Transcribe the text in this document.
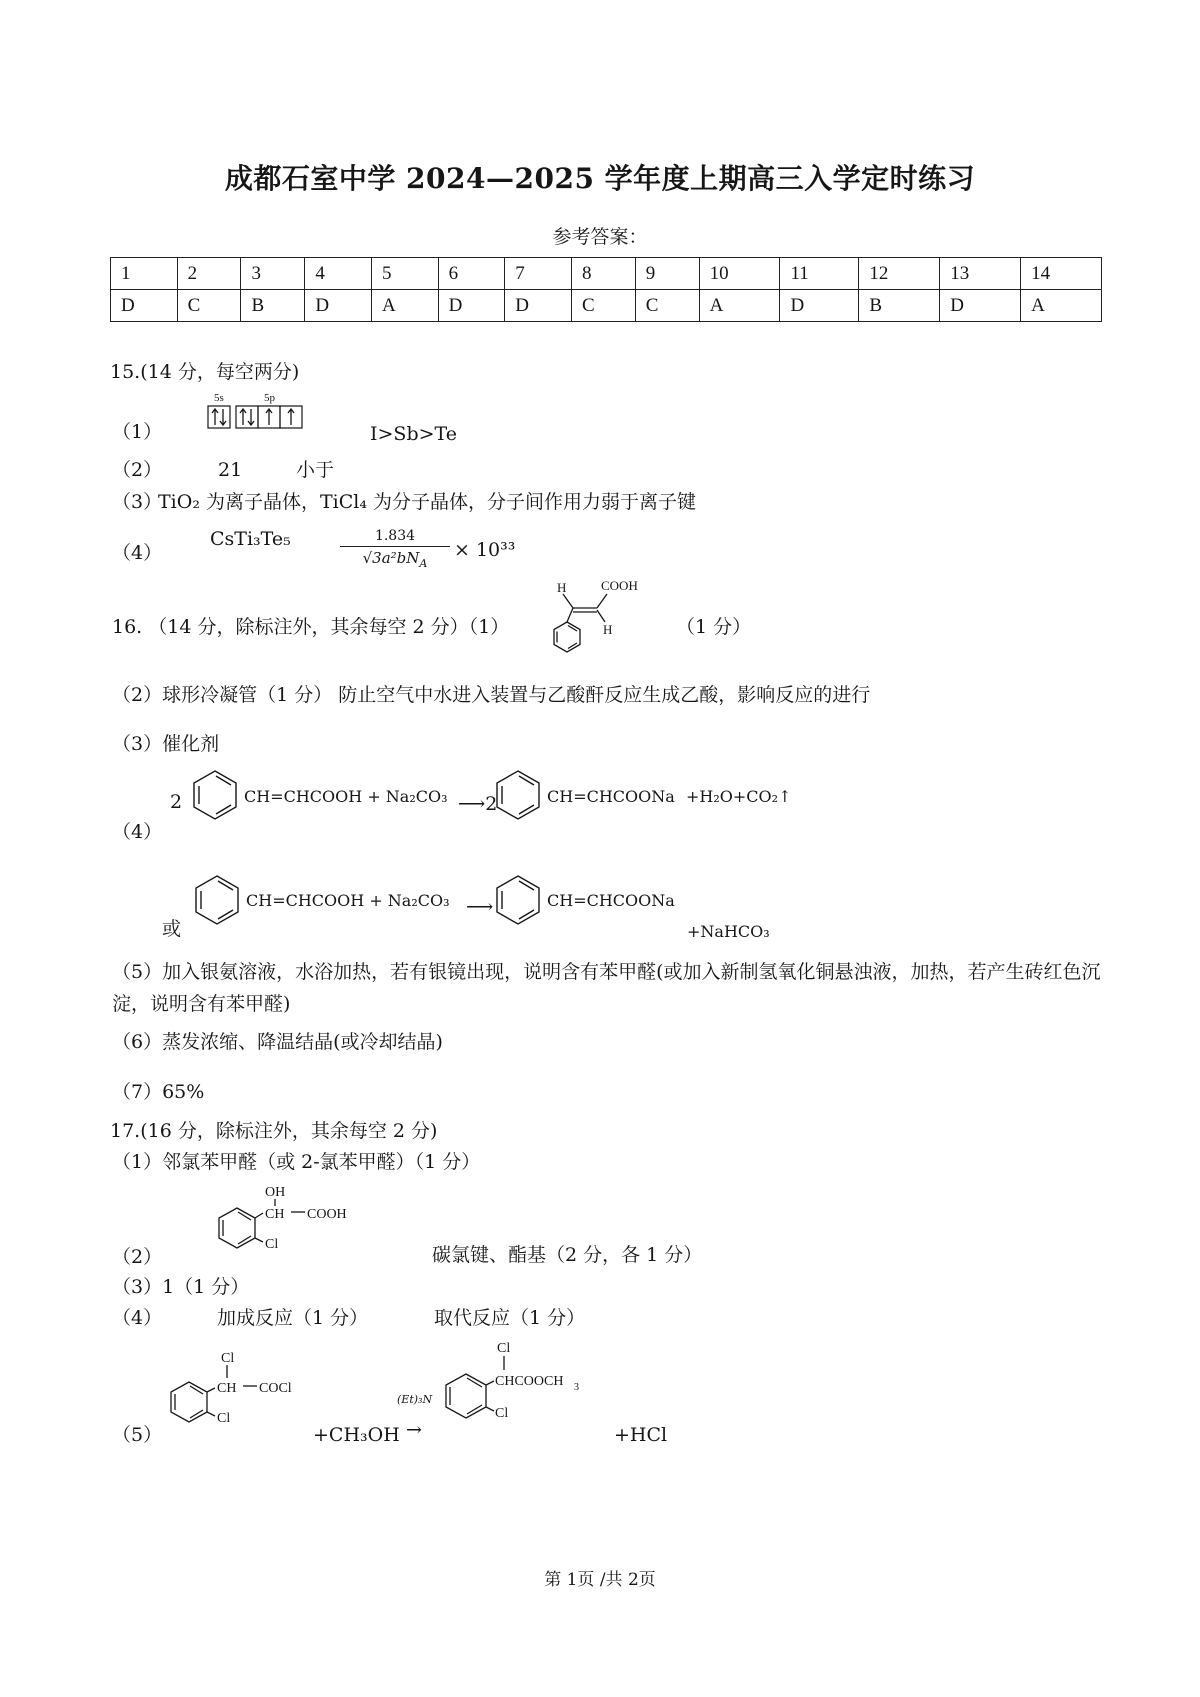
成都石室中学 2024—2025 学年度上期高三入学定时练习
参考答案：
1	2	3	4	5	6	7	8	9	10	11	12	13	14
D	C	B	D	A	D	D	C	C	A	D	B	D	A
15.(14 分，每空两分)
（1）
5s	5p
I>Sb>Te
（2）	21	小于
（3）
TiO₂ 为离子晶体，TiCl₄ 为分子晶体，分子间作用力弱于离子键
（4）
CsTi₃Te₅	1.834
$√3a^2bN_A$
× 10³³
16. （14 分，除标注外，其余每空 2 分）（1）
H	COOH
H	（1 分）
（2）球形冷凝管（1 分） 防止空气中水进入装置与乙酸酐反应生成乙酸，影响反应的进行
（3）催化剂
（4）
2	CH=CHCOOH + Na₂CO₃ ⟶2	CH=CHCOONa +H₂O+CO₂↑
或
CH=CHCOOH + Na₂CO₃ ⟶	CH=CHCOONa
+NaHCO₃
（5）加入银氨溶液，水浴加热，若有银镜出现，说明含有苯甲醛(或加入新制氢氧化铜悬浊液，加热，若产生砖红色沉淀，说明含有苯甲醛)
（6）蒸发浓缩、降温结晶(或冷却结晶)
（7）65%
17.(16 分，除标注外，其余每空 2 分)
（1）邻氯苯甲醛（或 2-氯苯甲醛）（1 分）
OH
CH COOH
Cl
（2）	碳氯键、酯基（2 分，各 1 分）
（3）1（1 分）
（4）	加成反应（1 分）	取代反应（1 分）
（5）
Cl
CH COCl
Cl
+CH₃OH
(Et)₃N
→
Cl
CHCOOCH 3
Cl
+HCl
第 1页 /共 2页
